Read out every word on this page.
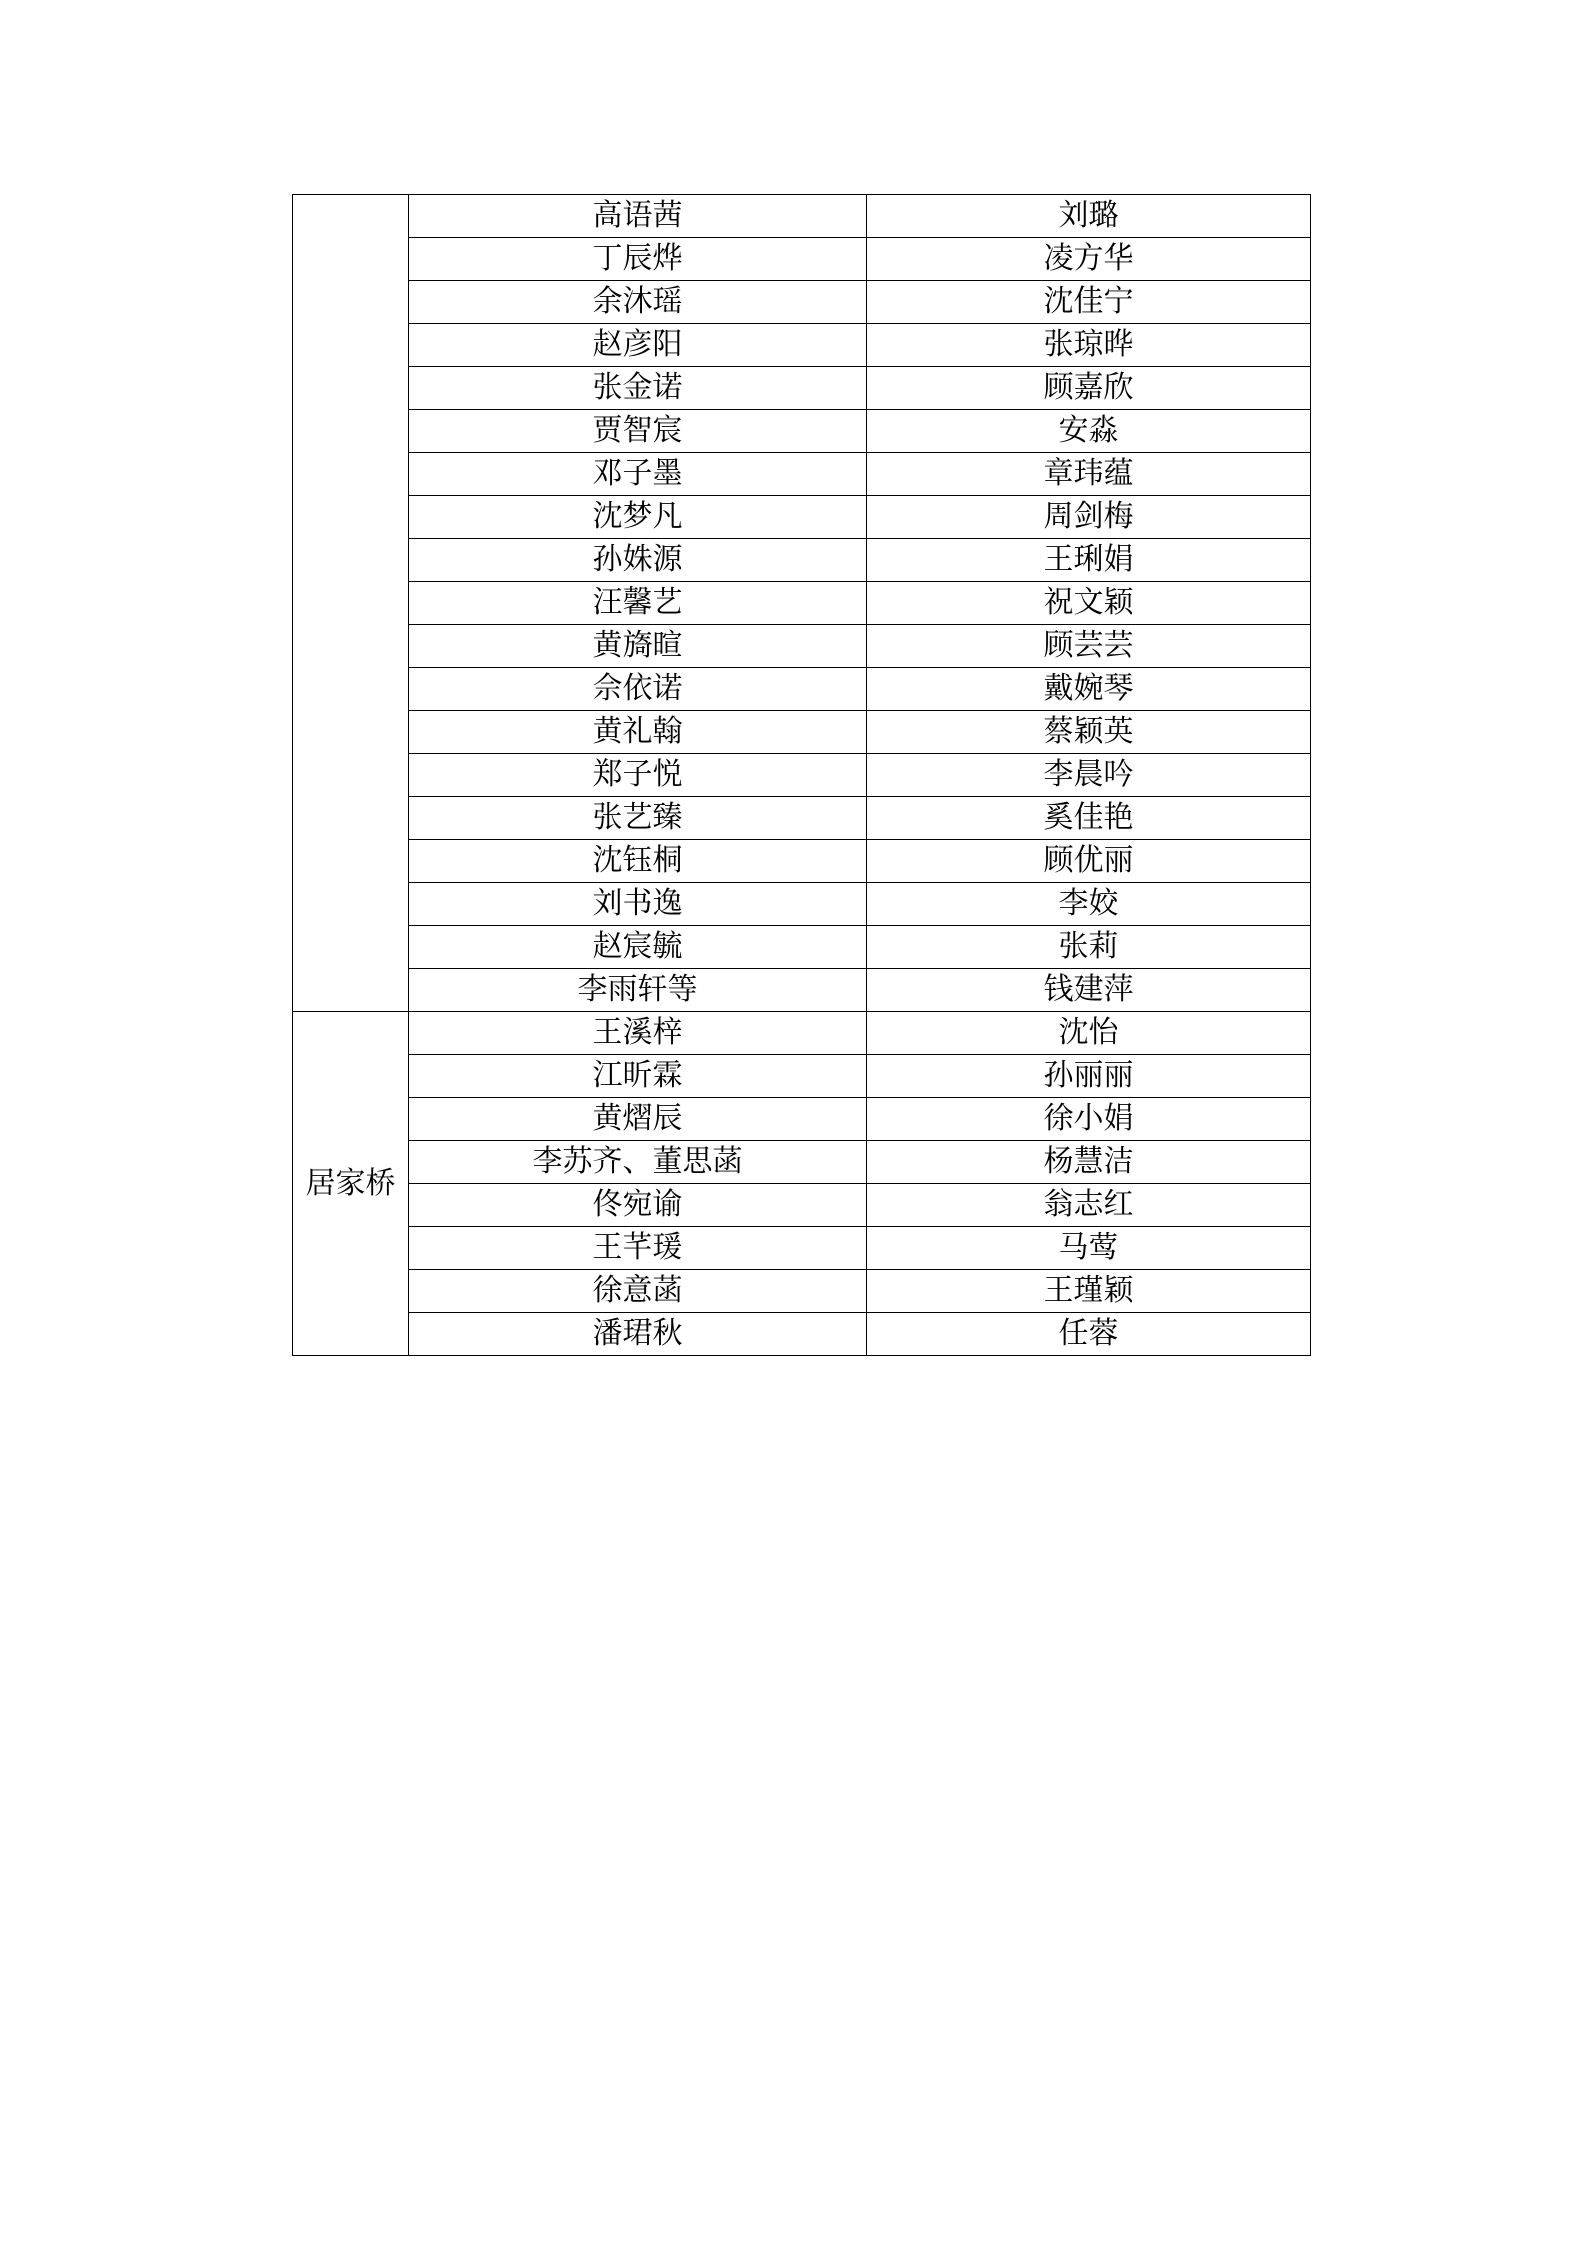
	高语茜	刘璐
	丁辰烨	凌方华
	余沐瑶	沈佳宁
	赵彦阳	张琼晔
	张金诺	顾嘉欣
	贾智宸	安淼
	邓子墨	章玮蕴
	沈梦凡	周剑梅
	孙姝源	王琍娟
	汪馨艺	祝文颖
	黄旖暄	顾芸芸
	佘依诺	戴婉琴
	黄礼翰	蔡颖英
	郑子悦	李晨吟
	张艺臻	奚佳艳
	沈钰桐	顾优丽
	刘书逸	李姣
	赵宸毓	张莉
	李雨轩等	钱建萍
居家桥	王溪梓	沈怡
	江昕霖	孙丽丽
	黄熠辰	徐小娟
	李苏齐、董思菡	杨慧洁
	佟宛谕	翁志红
	王芊瑗	马莺
	徐意菡	王瑾颖
	潘珺秋	任蓉
